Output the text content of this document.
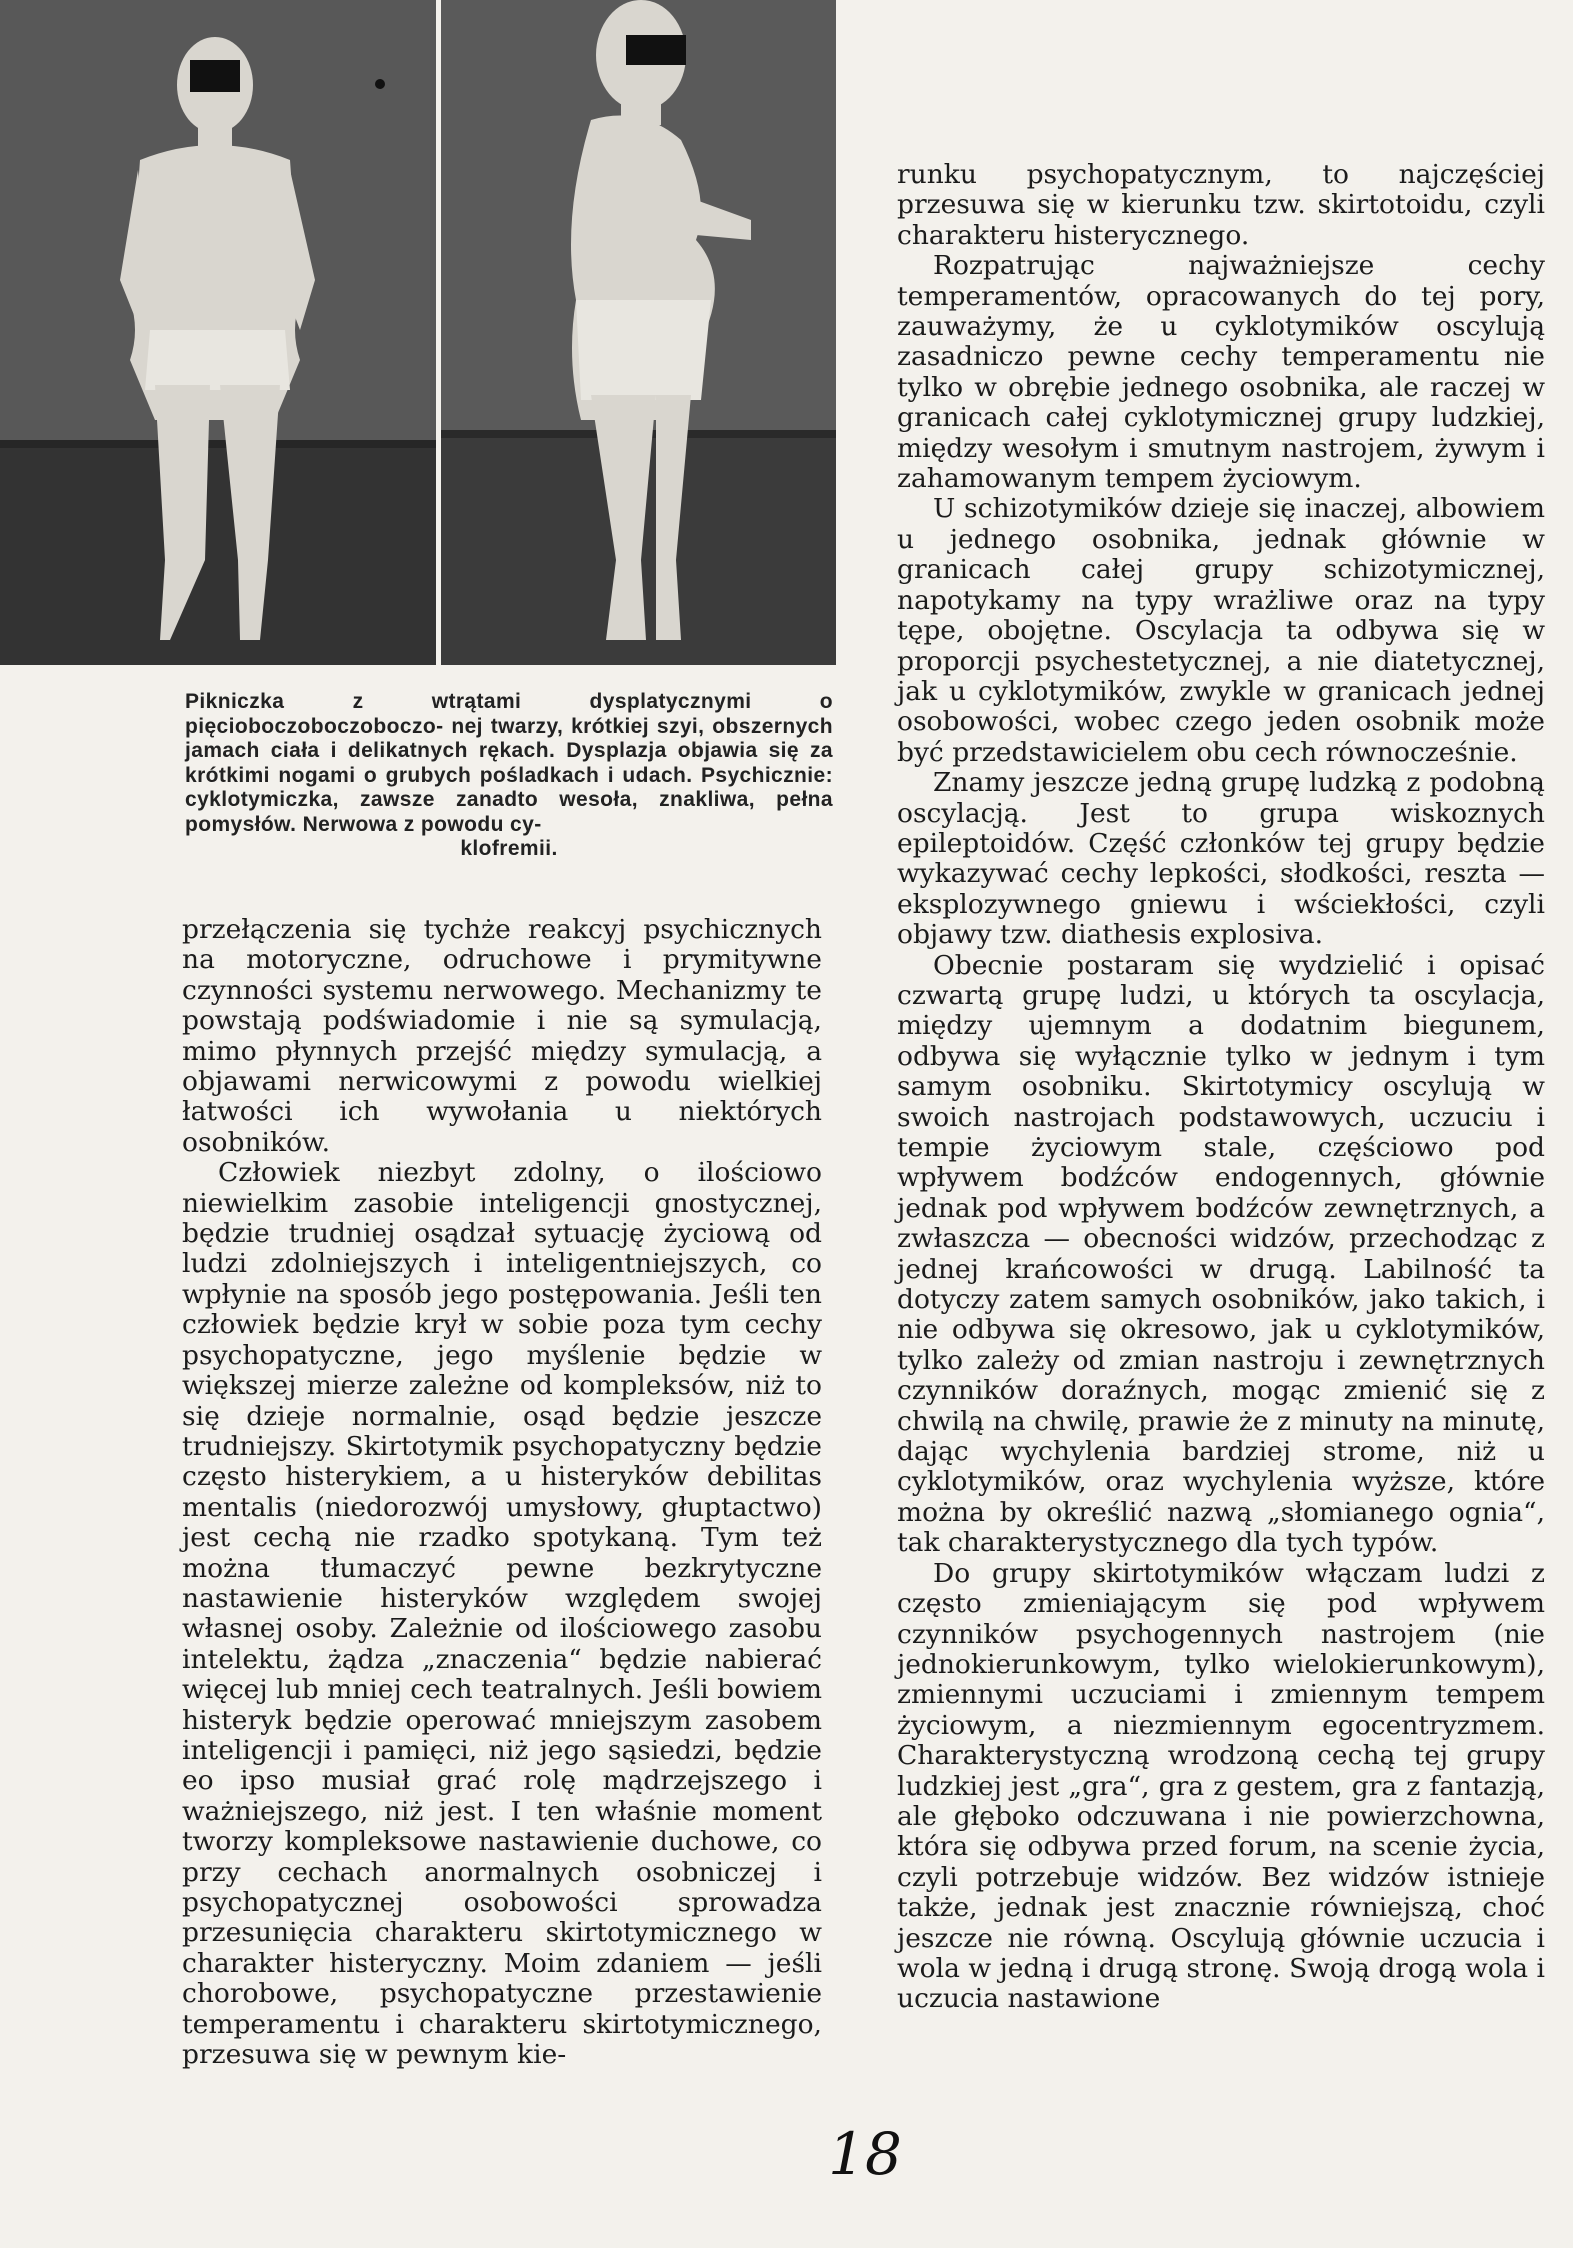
Pikniczka z wtrątami dysplatycznymi o pięcioboczoboczoboczo- nej twarzy, krótkiej szyi, obszernych jamach ciała i delikatnych rękach. Dysplazja objawia się za krótkimi nogami o grubych pośladkach i udach. Psychicznie: cyklotymiczka, zawsze zanadto wesoła, znakliwa, pełna pomysłów. Nerwowa z powodu cy-
klofremii.

przełączenia się tychże reakcyj psychicznych na motoryczne, odruchowe i prymitywne czynności systemu nerwowego. Mechanizmy te powstają podświadomie i nie są symulacją, mimo płynnych przejść między symulacją, a objawami nerwicowymi z powodu wielkiej łatwości ich wywołania u niektórych osobników.

Człowiek niezbyt zdolny, o ilościowo niewielkim zasobie inteligencji gnostycznej, będzie trudniej osądzał sytuację życiową od ludzi zdolniejszych i inteligentniejszych, co wpłynie na sposób jego postępowania. Jeśli ten człowiek będzie krył w sobie poza tym cechy psychopatyczne, jego myślenie będzie w większej mierze zależne od kompleksów, niż to się dzieje normalnie, osąd będzie jeszcze trudniejszy. Skirtotymik psychopatyczny będzie często histerykiem, a u histeryków debilitas mentalis (niedorozwój umysłowy, głuptactwo) jest cechą nie rzadko spotykaną. Tym też można tłumaczyć pewne bezkrytyczne nastawienie histeryków względem swojej własnej osoby. Zależnie od ilościowego zasobu intelektu, żądza „znaczenia“ będzie nabierać więcej lub mniej cech teatralnych. Jeśli bowiem histeryk będzie operować mniejszym zasobem inteligencji i pamięci, niż jego sąsiedzi, będzie eo ipso musiał grać rolę mądrzejszego i ważniejszego, niż jest. I ten właśnie moment tworzy kompleksowe nastawienie duchowe, co przy cechach anormalnych osobniczej i psychopatycznej osobowości sprowadza przesunięcia charakteru skirtotymicznego w charakter histeryczny. Moim zdaniem — jeśli chorobowe, psychopatyczne przestawienie temperamentu i charakteru skirtotymicznego, przesuwa się w pewnym kie-

runku psychopatycznym, to najczęściej przesuwa się w kierunku tzw. skirtotoidu, czyli charakteru histerycznego.

Rozpatrując najważniejsze cechy temperamentów, opracowanych do tej pory, zauważymy, że u cyklotymików oscylują zasadniczo pewne cechy temperamentu nie tylko w obrębie jednego osobnika, ale raczej w granicach całej cyklotymicznej grupy ludzkiej, między wesołym i smutnym nastrojem, żywym i zahamowanym tempem życiowym.

U schizotymików dzieje się inaczej, albowiem u jednego osobnika, jednak głównie w granicach całej grupy schizotymicznej, napotykamy na typy wrażliwe oraz na typy tępe, obojętne. Oscylacja ta odbywa się w proporcji psychestetycznej, a nie diatetycznej, jak u cyklotymików, zwykle w granicach jednej osobowości, wobec czego jeden osobnik może być przedstawicielem obu cech równocześnie.

Znamy jeszcze jedną grupę ludzką z podobną oscylacją. Jest to grupa wiskoznych epileptoidów. Część członków tej grupy będzie wykazywać cechy lepkości, słodkości, reszta — eksplozywnego gniewu i wściekłości, czyli objawy tzw. diathesis explosiva.

Obecnie postaram się wydzielić i opisać czwartą grupę ludzi, u których ta oscylacja, między ujemnym a dodatnim biegunem, odbywa się wyłącznie tylko w jednym i tym samym osobniku. Skirtotymicy oscylują w swoich nastrojach podstawowych, uczuciu i tempie życiowym stale, częściowo pod wpływem bodźców endogennych, głównie jednak pod wpływem bodźców zewnętrznych, a zwłaszcza — obecności widzów, przechodząc z jednej krańcowości w drugą. Labilność ta dotyczy zatem samych osobników, jako takich, i nie odbywa się okresowo, jak u cyklotymików, tylko zależy od zmian nastroju i zewnętrznych czynników doraźnych, mogąc zmienić się z chwilą na chwilę, prawie że z minuty na minutę, dając wychylenia bardziej strome, niż u cyklotymików, oraz wychylenia wyższe, które można by określić nazwą „słomianego ognia“, tak charakterystycznego dla tych typów.

Do grupy skirtotymików włączam ludzi z często zmieniającym się pod wpływem czynników psychogennych nastrojem (nie jednokierunkowym, tylko wielokierunkowym), zmiennymi uczuciami i zmiennym tempem życiowym, a niezmiennym egocentryzmem. Charakterystyczną wrodzoną cechą tej grupy ludzkiej jest „gra“, gra z gestem, gra z fantazją, ale głęboko odczuwana i nie powierzchowna, która się odbywa przed forum, na scenie życia, czyli potrzebuje widzów. Bez widzów istnieje także, jednak jest znacznie równiejszą, choć jeszcze nie równą. Oscylują głównie uczucia i wola w jedną i drugą stronę. Swoją drogą wola i uczucia nastawione

18
